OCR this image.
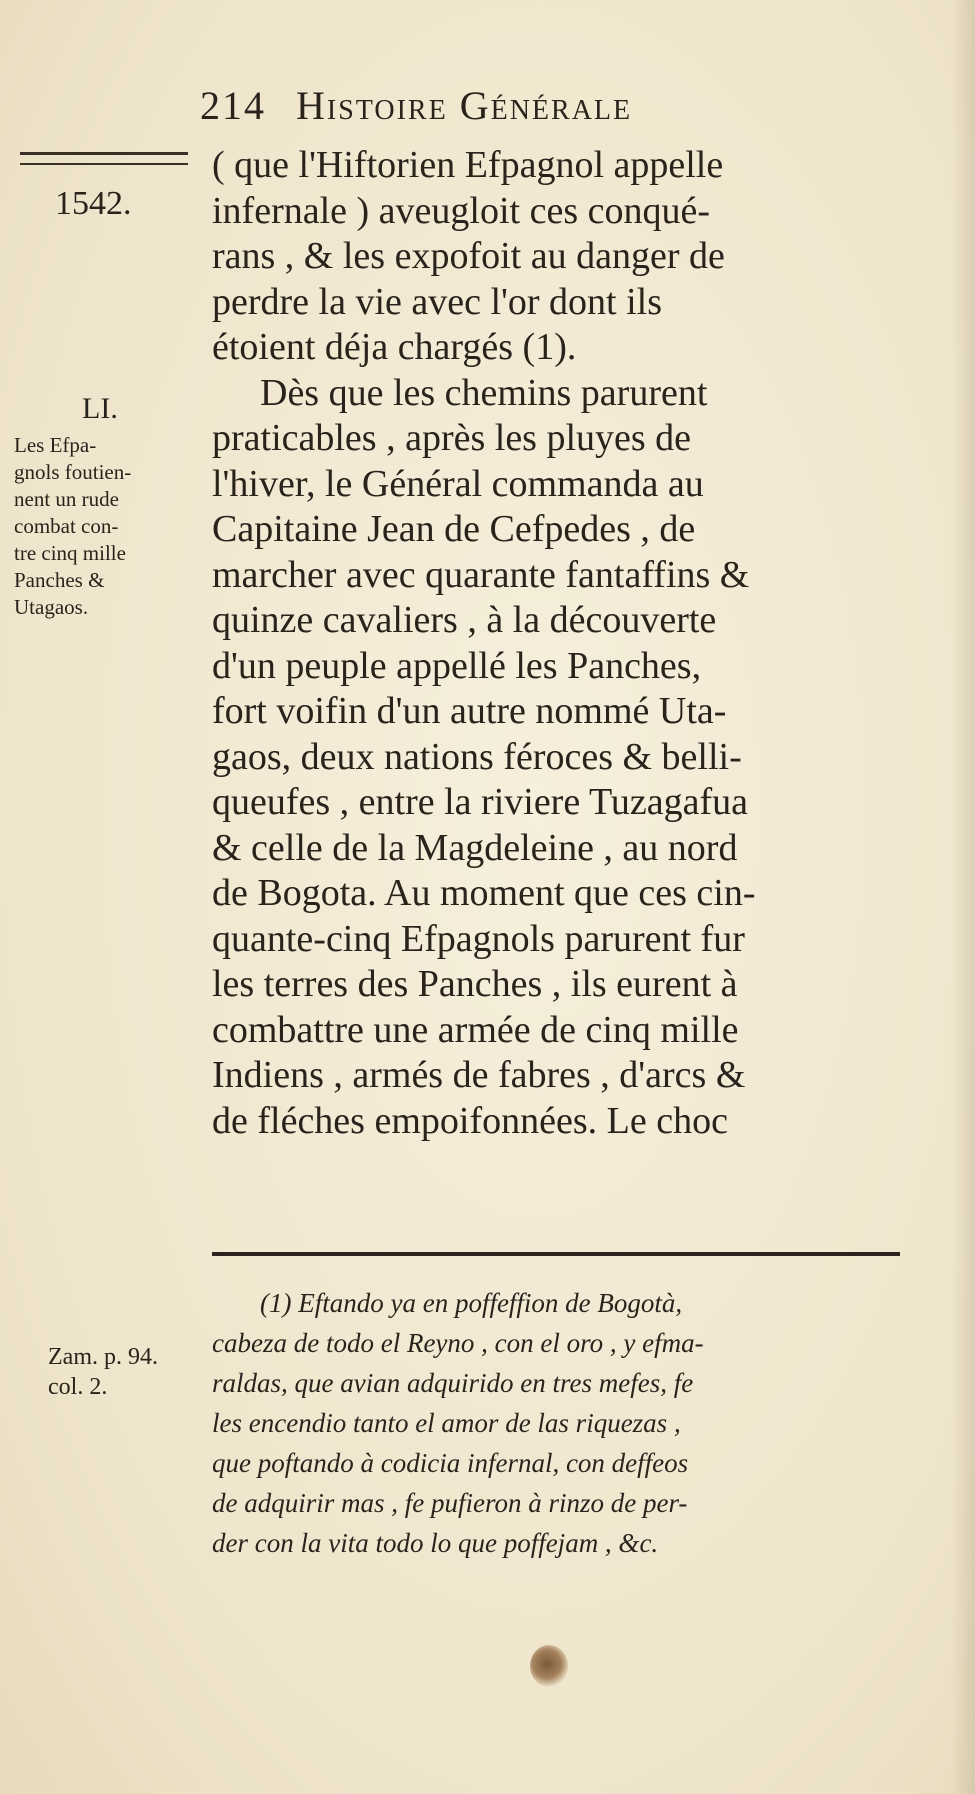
214 Histoire Générale
1542.
LI.
Les Efpa-
gnols foutien-
nent un rude
combat con-
tre cinq mille
Panches &
Utagaos.
( que l'Hiftorien Efpagnol appelle
infernale ) aveugloit ces conqué-
rans , & les expofoit au danger de
perdre la vie avec l'or dont ils
étoient déja chargés (1).
Dès que les chemins parurent
praticables , après les pluyes de
l'hiver, le Général commanda au
Capitaine Jean de Cefpedes , de
marcher avec quarante fantaffins &
quinze cavaliers , à la découverte
d'un peuple appellé les Panches,
fort voifin d'un autre nommé Uta-
gaos, deux nations féroces & belli-
queufes , entre la riviere Tuzagafua
& celle de la Magdeleine , au nord
de Bogota. Au moment que ces cin-
quante-cinq Efpagnols parurent fur
les terres des Panches , ils eurent à
combattre une armée de cinq mille
Indiens , armés de fabres , d'arcs &
de fléches empoifonnées. Le choc
Zam. p. 94.
col. 2.
(1) Eftando ya en poffeffion de Bogotà,
cabeza de todo el Reyno , con el oro , y efma-
raldas, que avian adquirido en tres mefes, fe
les encendio tanto el amor de las riquezas ,
que poftando à codicia infernal, con deffeos
de adquirir mas , fe pufieron à rinzo de per-
der con la vita todo lo que poffejam , &c.
